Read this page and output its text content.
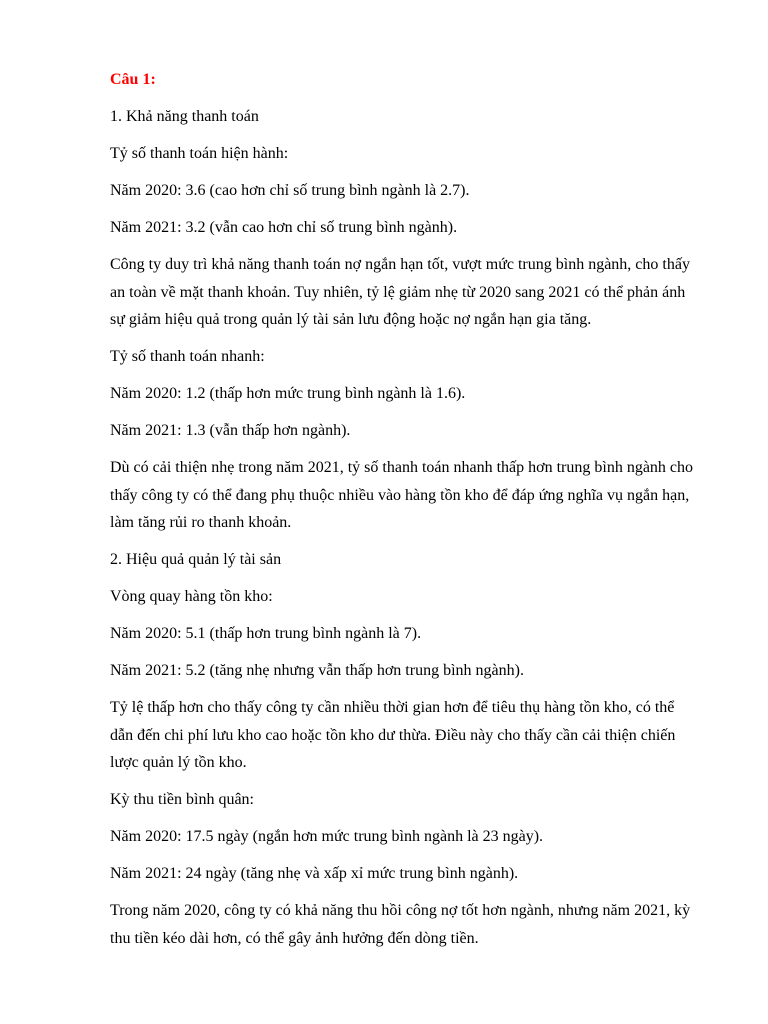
Câu 1:

1. Khả năng thanh toán

Tỷ số thanh toán hiện hành:

Năm 2020: 3.6 (cao hơn chỉ số trung bình ngành là 2.7).

Năm 2021: 3.2 (vẫn cao hơn chỉ số trung bình ngành).

Công ty duy trì khả năng thanh toán nợ ngắn hạn tốt, vượt mức trung bình ngành, cho thấy an toàn về mặt thanh khoản. Tuy nhiên, tỷ lệ giảm nhẹ từ 2020 sang 2021 có thể phản ánh sự giảm hiệu quả trong quản lý tài sản lưu động hoặc nợ ngắn hạn gia tăng.

Tỷ số thanh toán nhanh:

Năm 2020: 1.2 (thấp hơn mức trung bình ngành là 1.6).

Năm 2021: 1.3 (vẫn thấp hơn ngành).

Dù có cải thiện nhẹ trong năm 2021, tỷ số thanh toán nhanh thấp hơn trung bình ngành cho thấy công ty có thể đang phụ thuộc nhiều vào hàng tồn kho để đáp ứng nghĩa vụ ngắn hạn, làm tăng rủi ro thanh khoản.

2. Hiệu quả quản lý tài sản

Vòng quay hàng tồn kho:

Năm 2020: 5.1 (thấp hơn trung bình ngành là 7).

Năm 2021: 5.2 (tăng nhẹ nhưng vẫn thấp hơn trung bình ngành).

Tỷ lệ thấp hơn cho thấy công ty cần nhiều thời gian hơn để tiêu thụ hàng tồn kho, có thể dẫn đến chi phí lưu kho cao hoặc tồn kho dư thừa. Điều này cho thấy cần cải thiện chiến lược quản lý tồn kho.

Kỳ thu tiền bình quân:

Năm 2020: 17.5 ngày (ngắn hơn mức trung bình ngành là 23 ngày).

Năm 2021: 24 ngày (tăng nhẹ và xấp xỉ mức trung bình ngành).

Trong năm 2020, công ty có khả năng thu hồi công nợ tốt hơn ngành, nhưng năm 2021, kỳ thu tiền kéo dài hơn, có thể gây ảnh hưởng đến dòng tiền.
